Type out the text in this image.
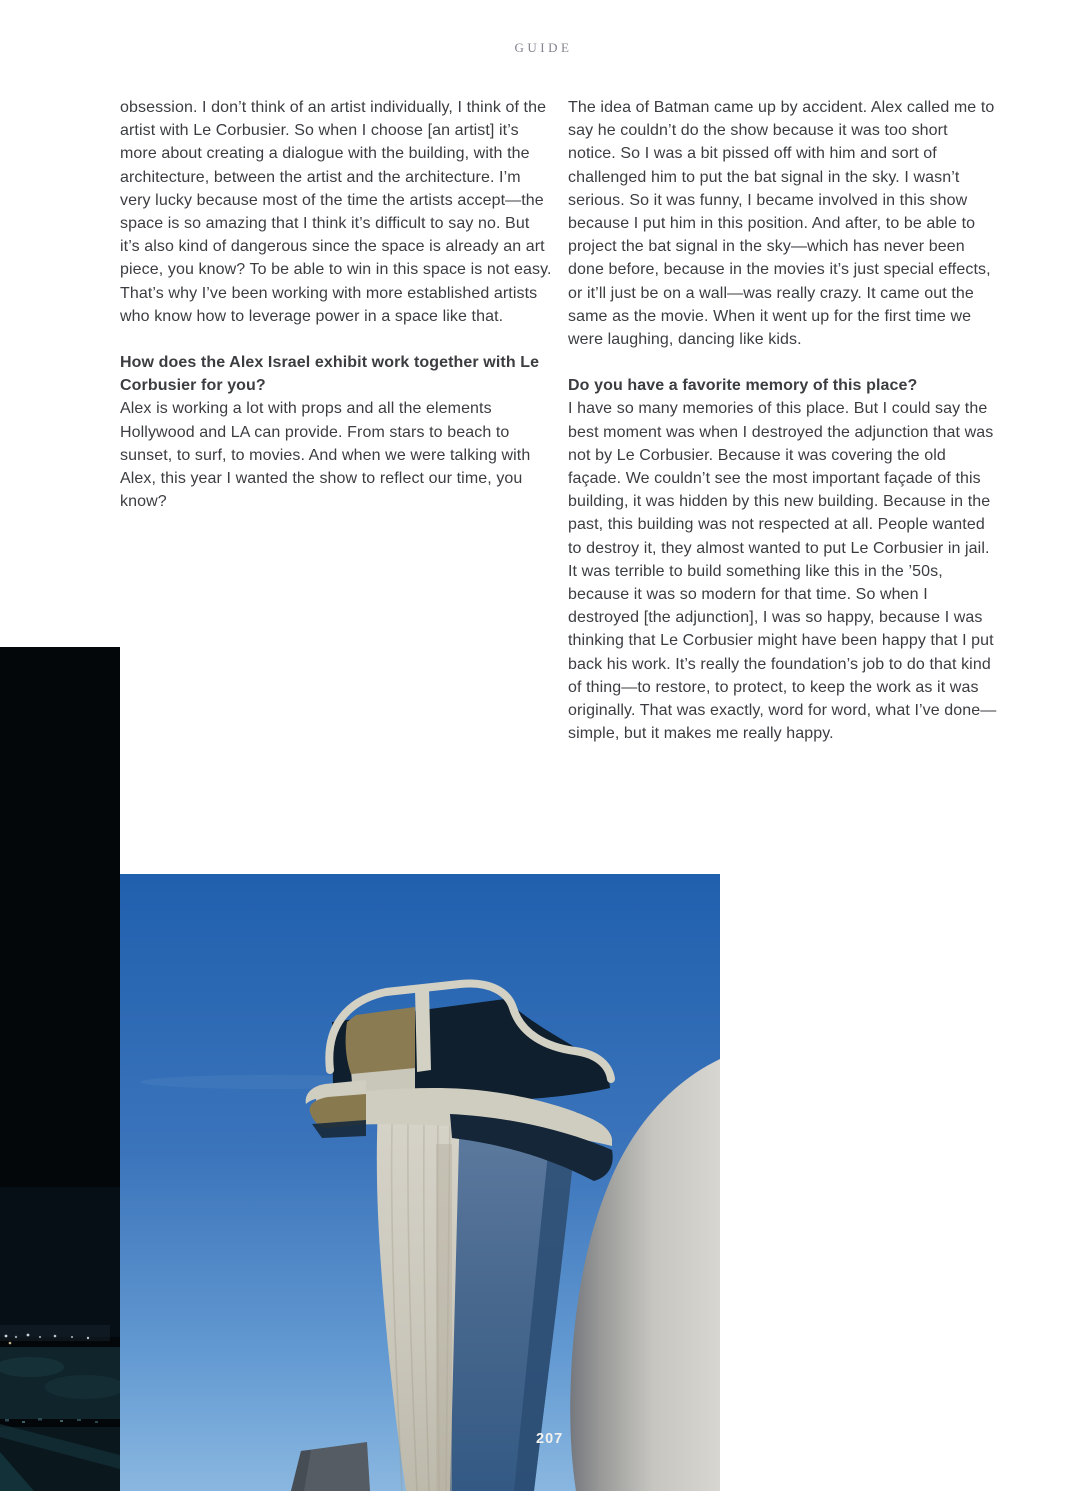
GUIDE

obsession. I don’t think of an artist individually, I think of the artist with Le Corbusier. So when I choose [an artist] it’s more about creating a dialogue with the building, with the architecture, between the artist and the architecture. I’m very lucky because most of the time the artists accept—the space is so amazing that I think it’s difficult to say no. But it’s also kind of dangerous since the space is already an art piece, you know? To be able to win in this space is not easy. That’s why I’ve been working with more established artists who know how to leverage power in a space like that.

How does the Alex Israel exhibit work together with Le Corbusier for you?

Alex is working a lot with props and all the elements Hollywood and LA can provide. From stars to beach to sunset, to surf, to movies. And when we were talking with Alex, this year I wanted the show to reflect our time, you know?

The idea of Batman came up by accident. Alex called me to say he couldn’t do the show because it was too short notice. So I was a bit pissed off with him and sort of challenged him to put the bat signal in the sky. I wasn’t serious. So it was funny, I became involved in this show because I put him in this position. And after, to be able to project the bat signal in the sky—which has never been done before, because in the movies it’s just special effects, or it’ll just be on a wall—was really crazy. It came out the same as the movie. When it went up for the first time we were laughing, dancing like kids.

Do you have a favorite memory of this place?

I have so many memories of this place. But I could say the best moment was when I destroyed the adjunction that was not by Le Corbusier. Because it was covering the old façade. We couldn’t see the most important façade of this building, it was hidden by this new building. Because in the past, this building was not respected at all. People wanted to destroy it, they almost wanted to put Le Corbusier in jail. It was terrible to build something like this in the ’50s, because it was so modern for that time. So when I destroyed [the adjunction], I was so happy, because I was thinking that Le Corbusier might have been happy that I put back his work. It’s really the foundation’s job to do that kind of thing—to restore, to protect, to keep the work as it was originally. That was exactly, word for word, what I’ve done—simple, but it makes me really happy.

207
